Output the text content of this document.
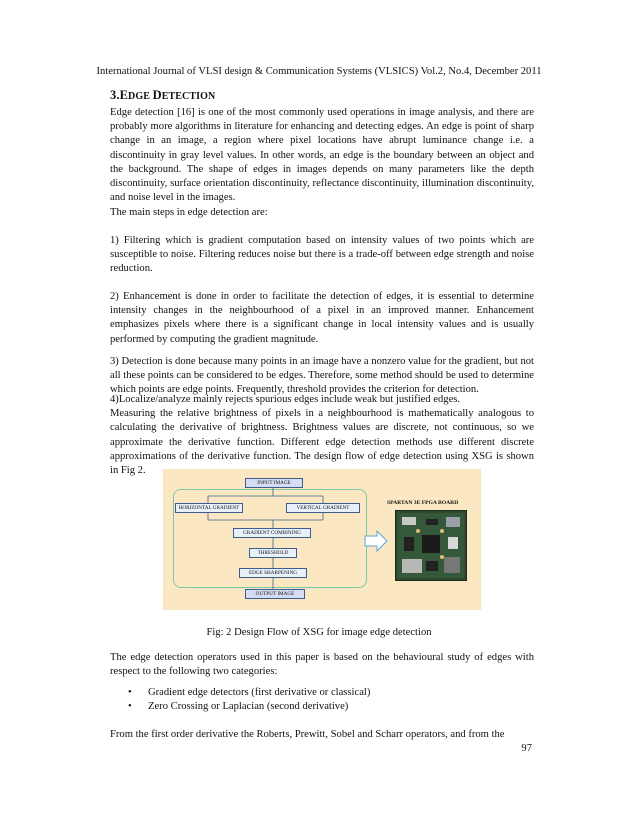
International Journal of VLSI design & Communication Systems (VLSICS) Vol.2, No.4, December 2011
3.EDGE DETECTION

Edge detection [16] is one of the most commonly used operations in image analysis, and there are probably more algorithms in literature for enhancing and detecting edges. An edge is point of sharp change in an image, a region where pixel locations have abrupt luminance change i.e. a discontinuity in gray level values. In other words, an edge is the boundary between an object and the background. The shape of edges in images depends on many parameters like the depth discontinuity, surface orientation discontinuity, reflectance discontinuity, illumination discontinuity, and noise level in the images.

The main steps in edge detection are:

1) Filtering which is gradient computation based on intensity values of two points which are susceptible to noise. Filtering reduces noise but there is a trade-off between edge strength and noise reduction.

2) Enhancement is done in order to facilitate the detection of edges, it is essential to determine intensity changes in the neighbourhood of a pixel in an improved manner. Enhancement emphasizes pixels where there is a significant change in local intensity values and is usually performed by computing the gradient magnitude.

3) Detection is done because many points in an image have a nonzero value for the gradient, but not all these points can be considered to be edges. Therefore, some method should be used to determine which points are edge points. Frequently, threshold provides the criterion for detection.

4)Localize/analyze mainly rejects spurious edges include weak but justified edges.

Measuring the relative brightness of pixels in a neighbourhood is mathematically analogous to calculating the derivative of brightness. Brightness values are discrete, not continuous, so we approximate the derivative function. Different edge detection methods use different discrete approximations of the derivative function. The design flow of edge detection using XSG is shown in Fig 2.

INPUT IMAGE
HORIZONTAL GRADIENT	VERTICAL GRADIENT
GRADIENT COMBINING
THRESHOLD
EDGE SHARPENING
OUTPUT IMAGE
SPARTAN 3E FPGA BOARD
Fig: 2 Design Flow of XSG for image edge detection

The edge detection operators used in this paper is based on the behavioural study of edges with respect to the following two categories:

• Gradient edge detectors (first derivative or classical)
• Zero Crossing or Laplacian (second derivative)

From the first order derivative the Roberts, Prewitt, Sobel and Scharr operators, and from the

97
